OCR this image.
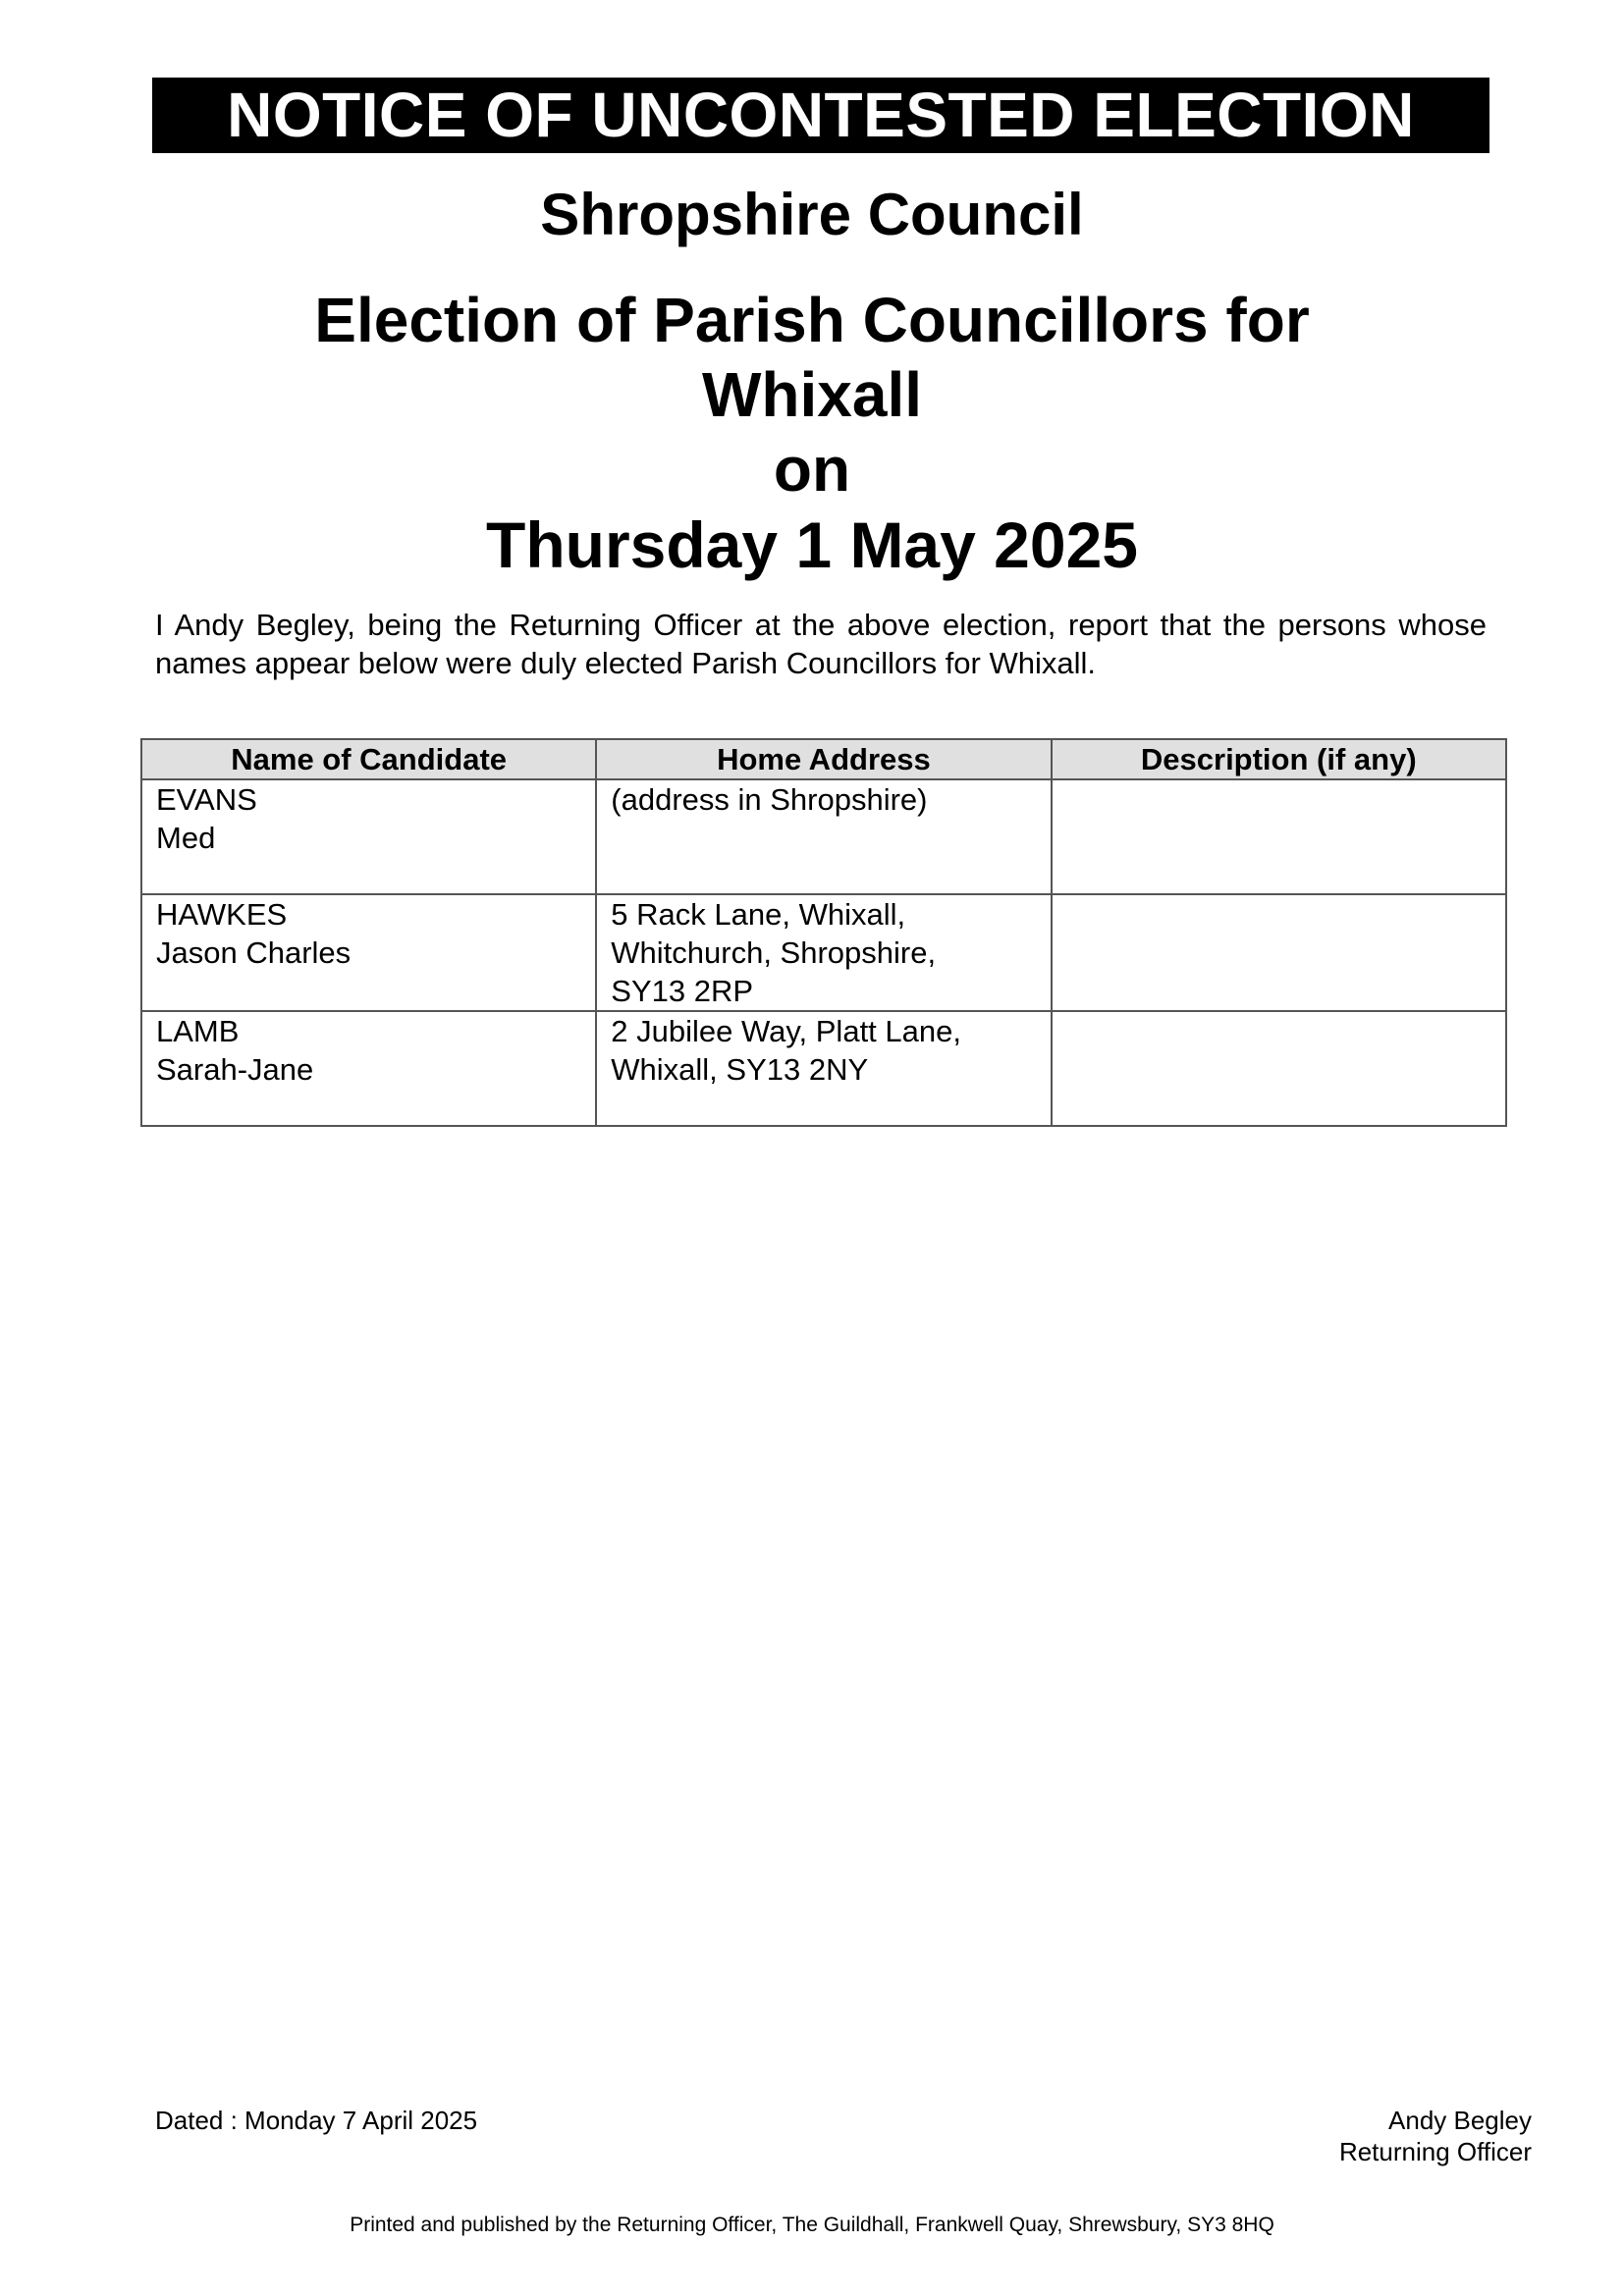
NOTICE OF UNCONTESTED ELECTION
Shropshire Council
Election of Parish Councillors for
Whixall
on
Thursday 1 May 2025
I Andy Begley, being the Returning Officer at the above election, report that the persons whose names appear below were duly elected Parish Councillors for Whixall.
Name of Candidate	Home Address	Description (if any)

EVANS
Med	(address in Shropshire)	

HAWKES
Jason Charles	5 Rack Lane, Whixall,
Whitchurch, Shropshire,
SY13 2RP	

LAMB
Sarah-Jane	2 Jubilee Way, Platt Lane,
Whixall, SY13 2NY	

Dated : Monday 7 April 2025	Andy Begley
Returning Officer
Printed and published by the Returning Officer, The Guildhall, Frankwell Quay, Shrewsbury, SY3 8HQ
